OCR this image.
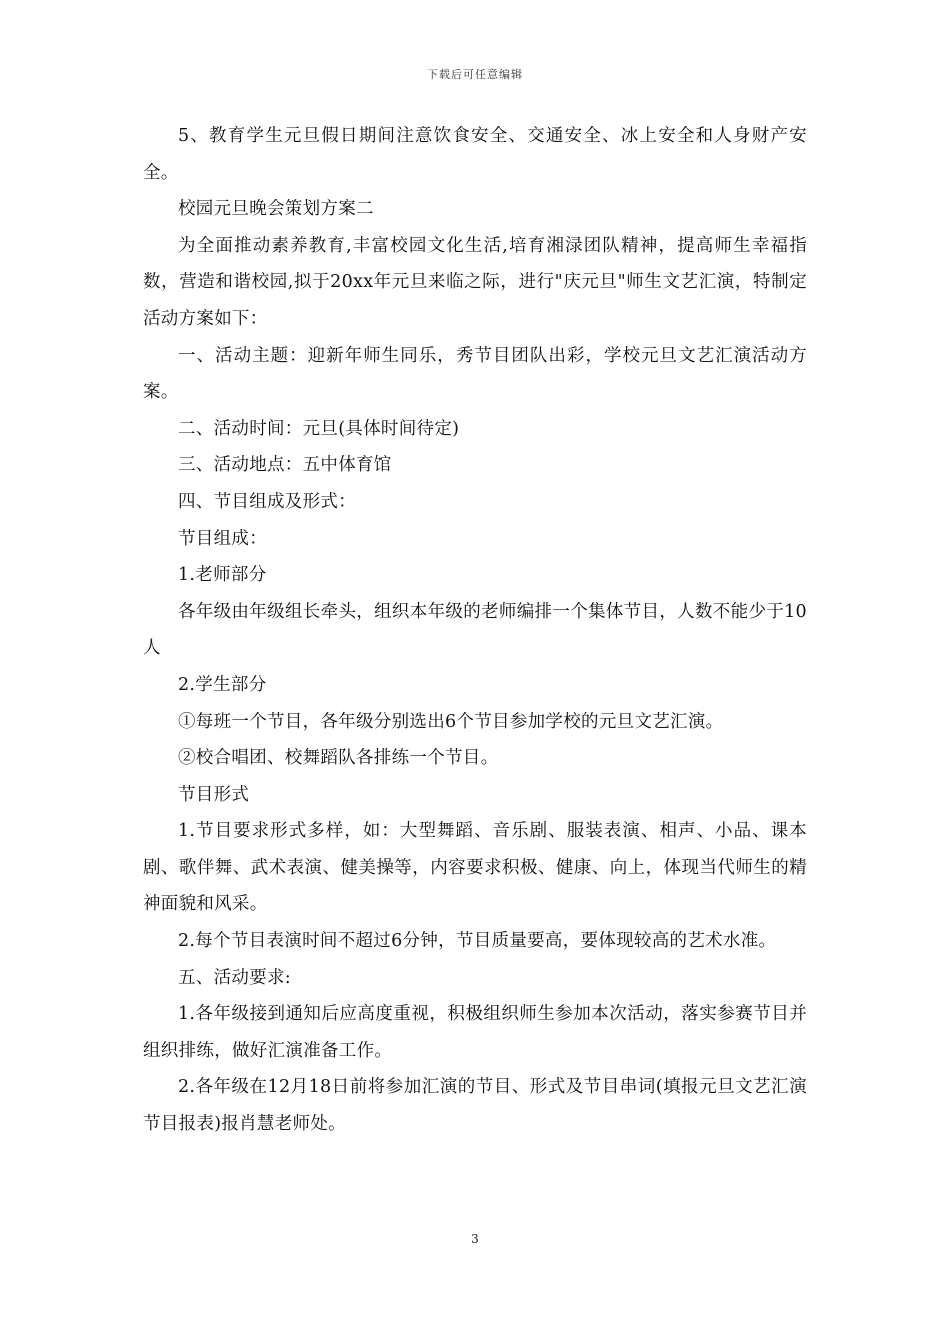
下载后可任意编辑

5、教育学生元旦假日期间注意饮食安全、交通安全、冰上安全和人身财产安全。

校园元旦晚会策划方案二

为全面推动素养教育,丰富校园文化生活,培育湘渌团队精神，提高师生幸福指数，营造和谐校园,拟于20xx年元旦来临之际，进行"庆元旦"师生文艺汇演，特制定活动方案如下：

一、活动主题：迎新年师生同乐，秀节目团队出彩，学校元旦文艺汇演活动方案。

二、活动时间：元旦(具体时间待定)

三、活动地点：五中体育馆

四、节目组成及形式：

节目组成：

1.老师部分

各年级由年级组长牵头，组织本年级的老师编排一个集体节目，人数不能少于10人

2.学生部分

①每班一个节目，各年级分别选出6个节目参加学校的元旦文艺汇演。

②校合唱团、校舞蹈队各排练一个节目。

节目形式

1.节目要求形式多样，如：大型舞蹈、音乐剧、服装表演、相声、小品、课本剧、歌伴舞、武术表演、健美操等，内容要求积极、健康、向上，体现当代师生的精神面貌和风采。

2.每个节目表演时间不超过6分钟，节目质量要高，要体现较高的艺术水准。

五、活动要求:

1.各年级接到通知后应高度重视，积极组织师生参加本次活动，落实参赛节目并组织排练，做好汇演准备工作。

2.各年级在12月18日前将参加汇演的节目、形式及节目串词(填报元旦文艺汇演节目报表)报肖慧老师处。

3
